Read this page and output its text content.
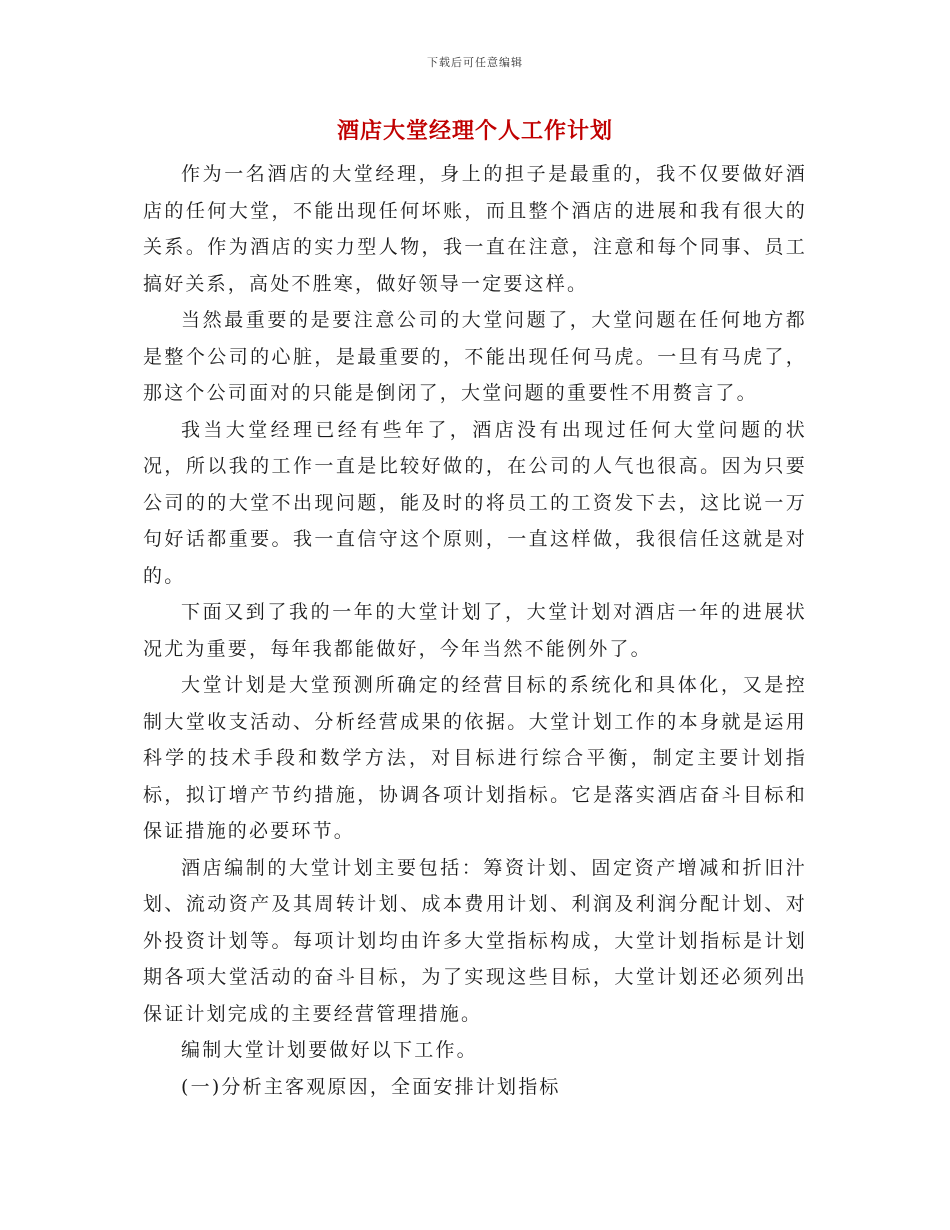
下载后可任意编辑
酒店大堂经理个人工作计划

作为一名酒店的大堂经理，身上的担子是最重的，我不仅要做好酒店的任何大堂，不能出现任何坏账，而且整个酒店的进展和我有很大的关系。作为酒店的实力型人物，我一直在注意，注意和每个同事、员工搞好关系，高处不胜寒，做好领导一定要这样。

当然最重要的是要注意公司的大堂问题了，大堂问题在任何地方都是整个公司的心脏，是最重要的，不能出现任何马虎。一旦有马虎了，那这个公司面对的只能是倒闭了，大堂问题的重要性不用赘言了。

我当大堂经理已经有些年了，酒店没有出现过任何大堂问题的状况，所以我的工作一直是比较好做的，在公司的人气也很高。因为只要公司的的大堂不出现问题，能及时的将员工的工资发下去，这比说一万句好话都重要。我一直信守这个原则，一直这样做，我很信任这就是对的。

下面又到了我的一年的大堂计划了，大堂计划对酒店一年的进展状况尤为重要，每年我都能做好，今年当然不能例外了。

大堂计划是大堂预测所确定的经营目标的系统化和具体化，又是控制大堂收支活动、分析经营成果的依据。大堂计划工作的本身就是运用科学的技术手段和数学方法，对目标进行综合平衡，制定主要计划指标，拟订增产节约措施，协调各项计划指标。它是落实酒店奋斗目标和保证措施的必要环节。

酒店编制的大堂计划主要包括：筹资计划、固定资产增减和折旧汁划、流动资产及其周转计划、成本费用计划、利润及利润分配计划、对外投资计划等。每项计划均由许多大堂指标构成，大堂计划指标是计划期各项大堂活动的奋斗目标，为了实现这些目标，大堂计划还必须列出保证计划完成的主要经营管理措施。

编制大堂计划要做好以下工作。

(一)分析主客观原因，全面安排计划指标
